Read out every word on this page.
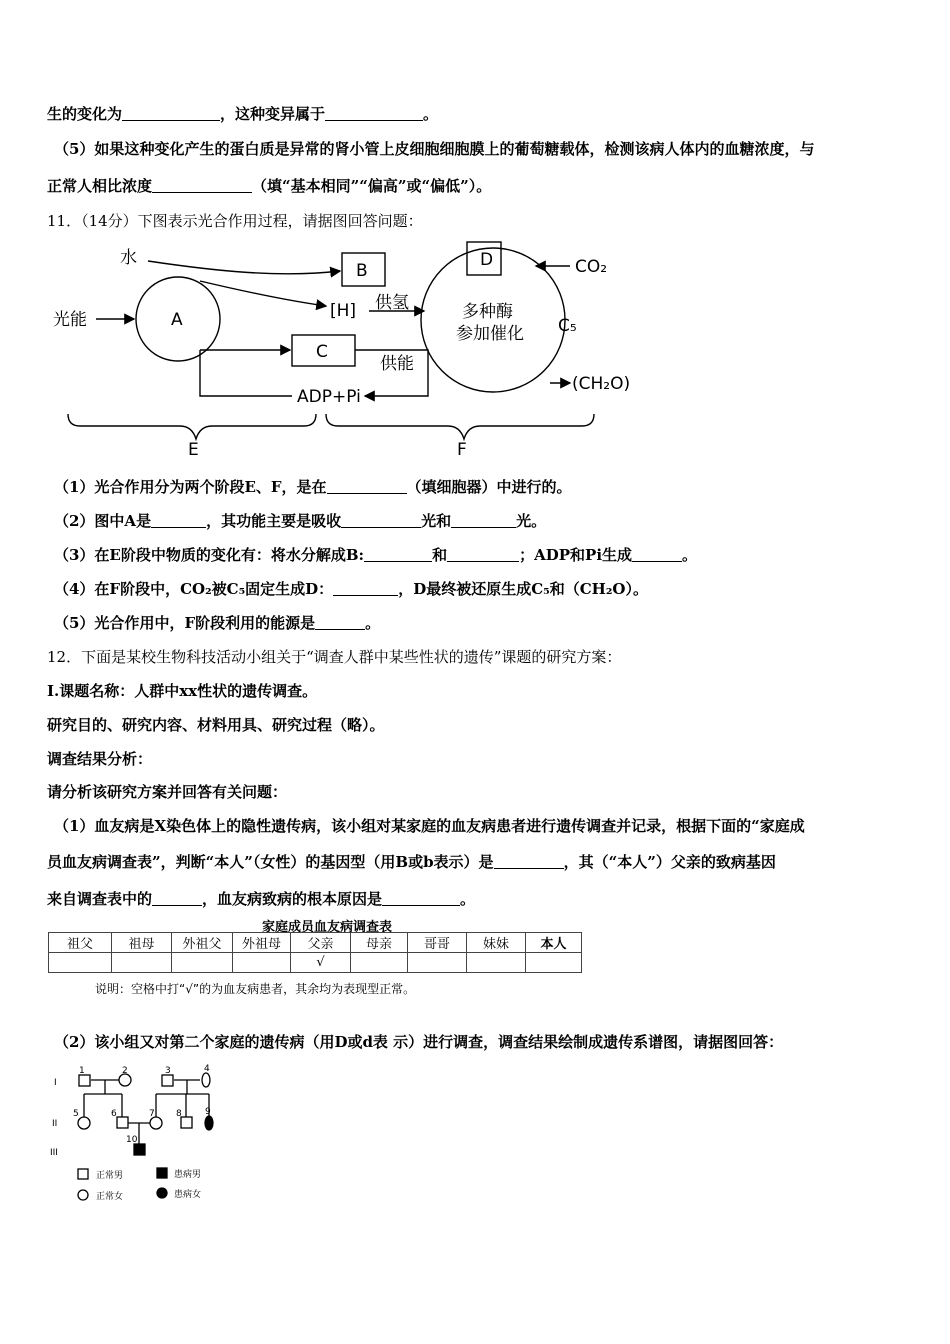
生的变化为	，这种变异属于	。
（5）如果这种变化产生的蛋白质是异常的肾小管上皮细胞细胞膜上的葡萄糖载体，检测该病人体内的血糖浓度，与
正常人相比浓度	（填“基本相同”“偏高”或“偏低”）。
11．（14分）下图表示光合作用过程，请据图回答问题：
水
光能	A
B
[H] 供氢
C
供能
D	CO₂
C₅
(CH₂O)
多种酶
参加催化
ADP+Pi
E	F
（1）光合作用分为两个阶段E、F，是在	（填细胞器）中进行的。
（2）图中A是	，其功能主要是吸收	光和	光。
（3）在E阶段中物质的变化有：将水分解成B:	和	；ADP和Pi生成	。
（4）在F阶段中，CO₂被C₅固定生成D：	，D最终被还原生成C₅和（CH₂O）。
（5）光合作用中，F阶段利用的能源是	。
12．下面是某校生物科技活动小组关于“调查人群中某些性状的遗传”课题的研究方案：
I.课题名称：人群中xx性状的遗传调查。
研究目的、研究内容、材料用具、研究过程（略）。
调查结果分析：
请分析该研究方案并回答有关问题：
（1）血友病是X染色体上的隐性遗传病，该小组对某家庭的血友病患者进行遗传调查并记录，根据下面的“家庭成
员血友病调查表”，判断“本人”（女性）的基因型（用B或b表示）是	，其（“本人”）父亲的致病基因
来自调查表中的	，血友病致病的根本原因是	。
家庭成员血友病调查表
祖父	祖母	外祖父	外祖母	父亲	母亲	哥哥	妹妹	本人
				√				
说明：空格中打“√”的为血友病患者，其余均为表现型正常。
（2）该小组又对第二个家庭的遗传病（用D或d表 示）进行调查，调查结果绘制成遗传系谱图，请据图回答：
I
II
III
1	2	3	4
5	6	7 8	9
10
正常男	患病男
正常女	患病女
